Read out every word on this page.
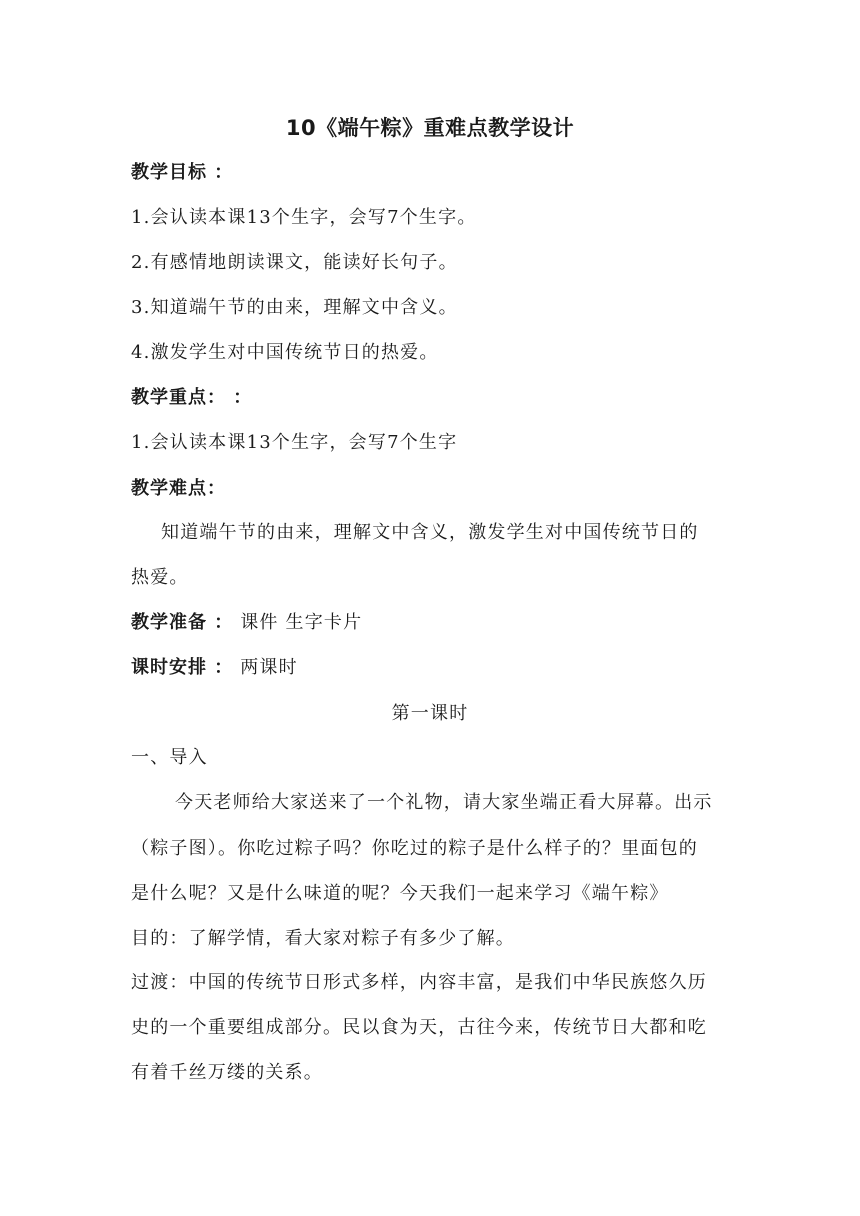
10《端午粽》重难点教学设计
教学目标 ：
1.会认读本课13个生字，会写7个生字。
2.有感情地朗读课文，能读好长句子。
3.知道端午节的由来，理解文中含义。
4.激发学生对中国传统节日的热爱。
教学重点： ：
1.会认读本课13个生字，会写7个生字
教学难点：
知道端午节的由来，理解文中含义，激发学生对中国传统节日的
热爱。
教学准备 ： 课件 生字卡片
课时安排 ： 两课时
第一课时
一、导入
今天老师给大家送来了一个礼物，请大家坐端正看大屏幕。出示
（粽子图）。你吃过粽子吗？你吃过的粽子是什么样子的？里面包的
是什么呢？又是什么味道的呢？今天我们一起来学习《端午粽》
目的：了解学情，看大家对粽子有多少了解。
过渡：中国的传统节日形式多样，内容丰富，是我们中华民族悠久历
史的一个重要组成部分。民以食为天，古往今来，传统节日大都和吃
有着千丝万缕的关系。
